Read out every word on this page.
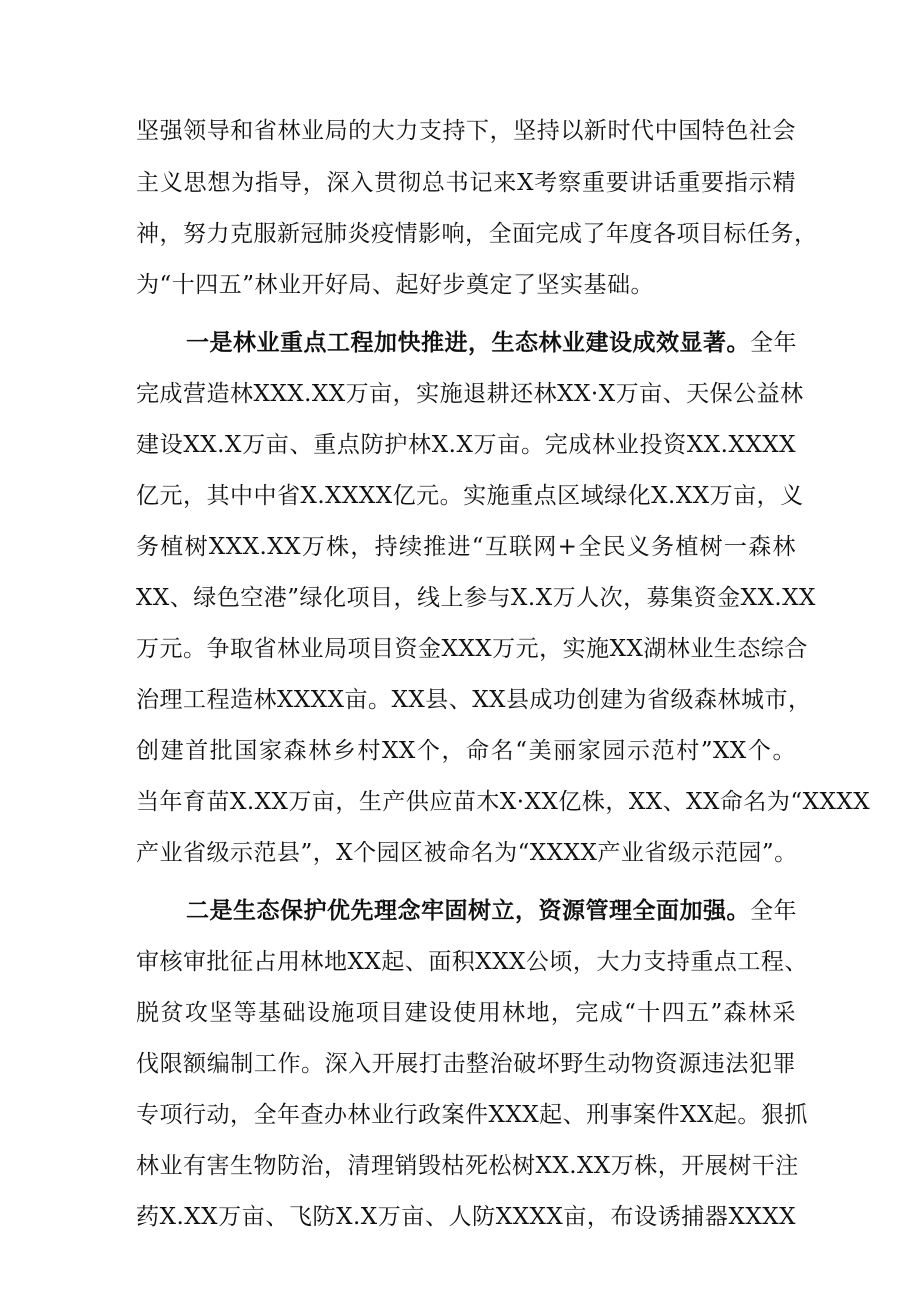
坚强领导和省林业局的大力支持下，坚持以新时代中国特色社会
主义思想为指导，深入贯彻总书记来X考察重要讲话重要指示精
神，努力克服新冠肺炎疫情影响，全面完成了年度各项目标任务，
为“十四五”林业开好局、起好步奠定了坚实基础。
一是林业重点工程加快推进，生态林业建设成效显著。全年
完成营造林XXX.XX万亩，实施退耕还林XX·X万亩、天保公益林
建设XX.X万亩、重点防护林X.X万亩。完成林业投资XX.XXXX
亿元，其中中省X.XXXX亿元。实施重点区域绿化X.XX万亩，义
务植树XXX.XX万株，持续推进“互联网+全民义务植树一森林
XX、绿色空港”绿化项目，线上参与X.X万人次，募集资金XX.XX
万元。争取省林业局项目资金XXX万元，实施XX湖林业生态综合
治理工程造林XXXX亩。XX县、XX县成功创建为省级森林城市，
创建首批国家森林乡村XX个，命名“美丽家园示范村”XX个。
当年育苗X.XX万亩，生产供应苗木X·XX亿株，XX、XX命名为“XXXX
产业省级示范县”，X个园区被命名为“XXXX产业省级示范园”。
二是生态保护优先理念牢固树立，资源管理全面加强。全年
审核审批征占用林地XX起、面积XXX公顷，大力支持重点工程、
脱贫攻坚等基础设施项目建设使用林地，完成“十四五”森林采
伐限额编制工作。深入开展打击整治破坏野生动物资源违法犯罪
专项行动，全年查办林业行政案件XXX起、刑事案件XX起。狠抓
林业有害生物防治，清理销毁枯死松树XX.XX万株，开展树干注
药X.XX万亩、飞防X.X万亩、人防XXXX亩，布设诱捕器XXXX
